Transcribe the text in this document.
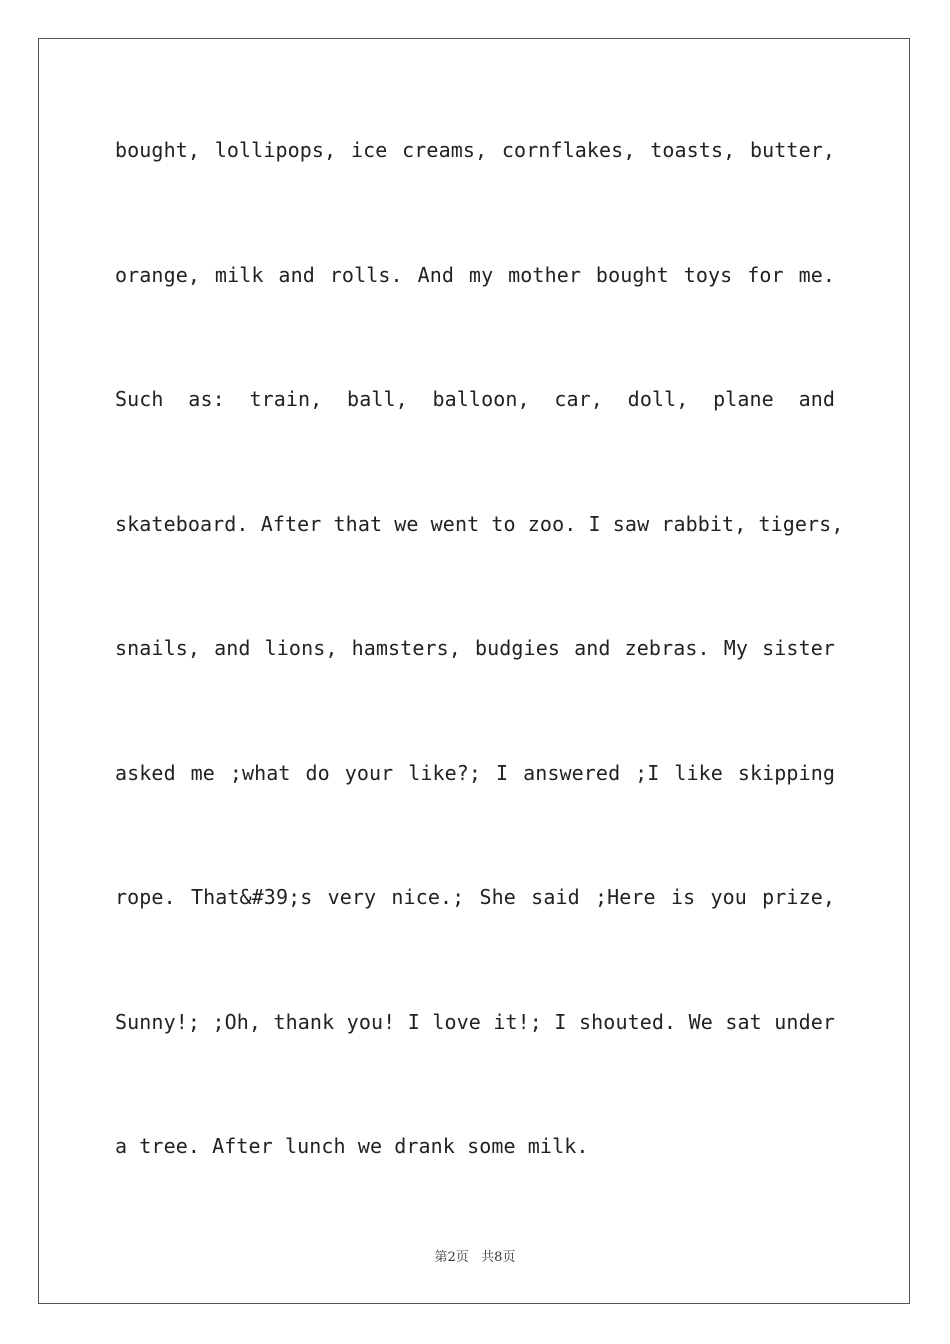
bought, lollipops, ice creams, cornflakes, toasts, butter,
orange, milk and rolls. And my mother bought toys for me.
Such as: train, ball, balloon, car, doll, plane and
skateboard. After that we went to zoo. I saw rabbit, tigers,
snails, and lions, hamsters, budgies and zebras. My sister
asked me ;what do your like?; I answered ;I like skipping
rope. That&#39;s very nice.; She said ;Here is you prize,
Sunny!; ;Oh, thank you! I love it!; I shouted. We sat under
a tree. After lunch we drank some milk.
第2页   共8页
